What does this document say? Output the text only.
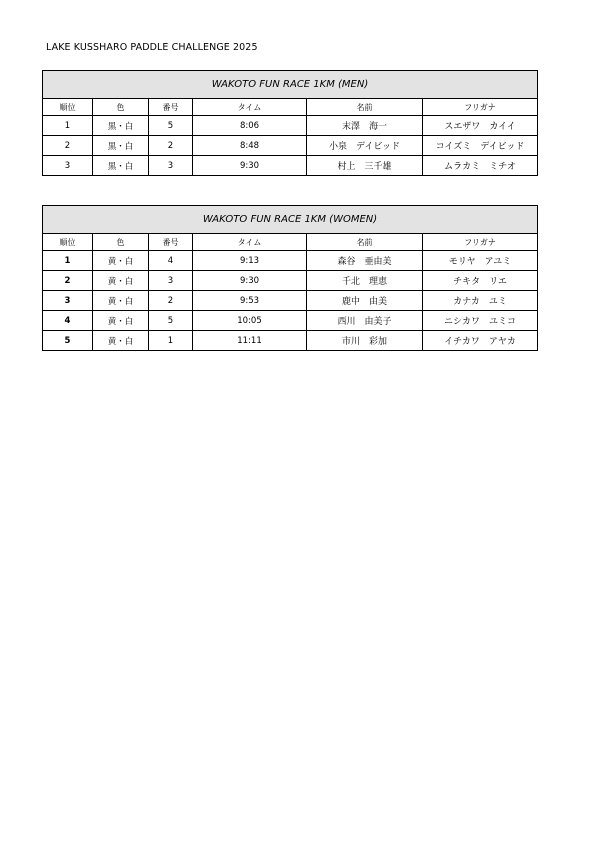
LAKE KUSSHARO PADDLE CHALLENGE 2025
WAKOTO FUN RACE 1KM (MEN)					
順位	色	番号	タイム	名前	フリガナ
1	黒・白	5	8:06	末澤　海一	スエザワ　カイイ
2	黒・白	2	8:48	小泉　デイビッド	コイズミ　デイビッド
3	黒・白	3	9:30	村上　三千雄	ムラカミ　ミチオ
WAKOTO FUN RACE 1KM (WOMEN)					
順位	色	番号	タイム	名前	フリガナ
1	黄・白	4	9:13	森谷　亜由美	モリヤ　アユミ
2	黄・白	3	9:30	千北　理恵	チキタ　リエ
3	黄・白	2	9:53	鹿中　由美	カナカ　ユミ
4	黄・白	5	10:05	西川　由美子	ニシカワ　ユミコ
5	黄・白	1	11:11	市川　彩加	イチカワ　アヤカ
